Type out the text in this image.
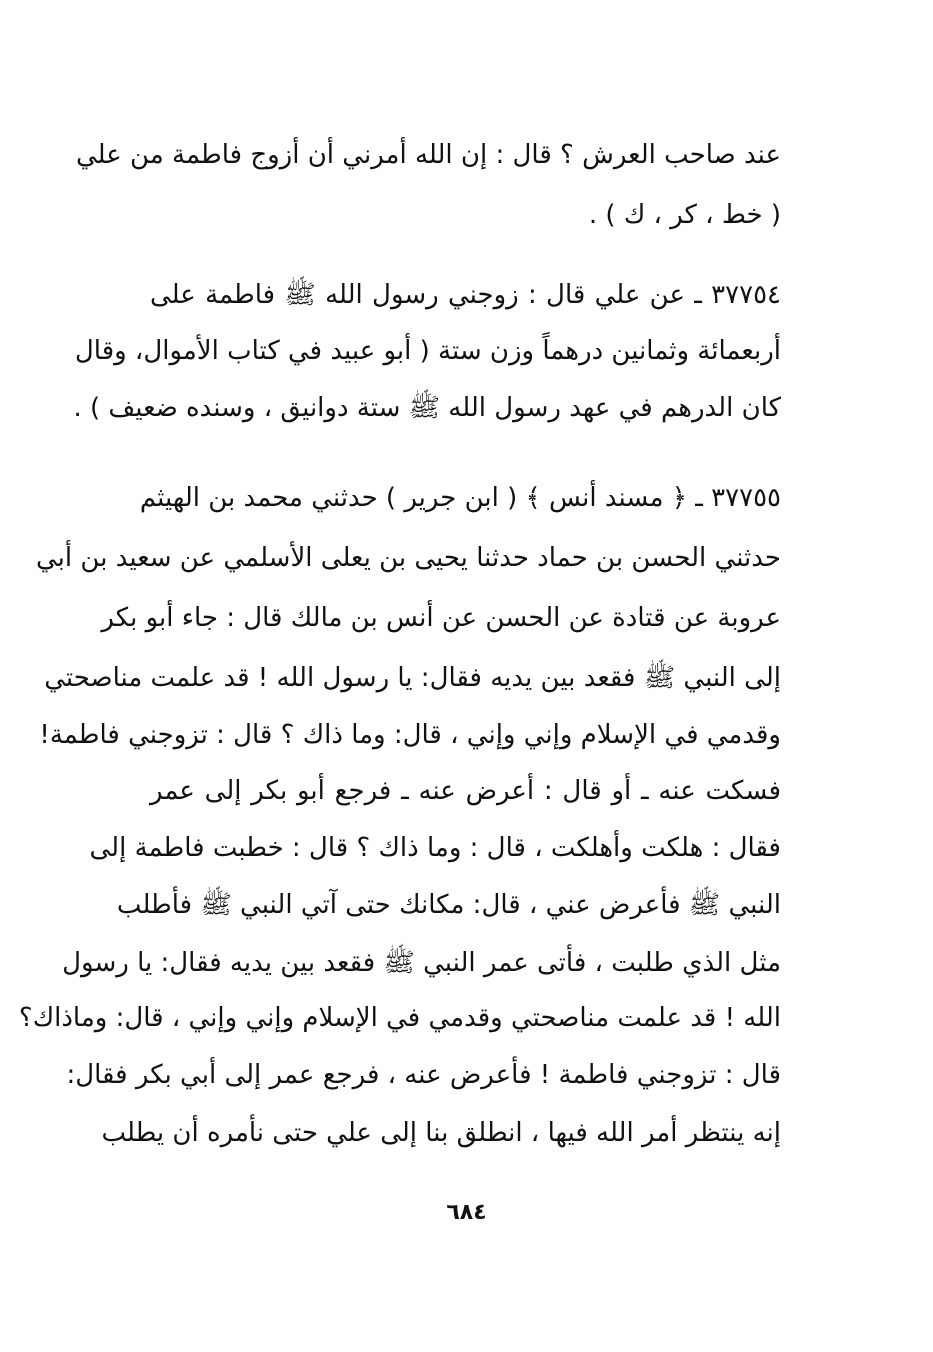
عند صاحب العرش ؟ قال : إن الله أمرني أن أزوج فاطمة من علي
( خط ، كر ، ك ) .
٣٧٧٥٤ ـ عن علي قال : زوجني رسول الله ﷺ فاطمة على
أربعمائة وثمانين درهماً وزن ستة ( أبو عبيد في كتاب الأموال، وقال
كان الدرهم في عهد رسول الله ﷺ ستة دوانيق ، وسنده ضعيف ) .
٣٧٧٥٥ ـ ﴿ مسند أنس ﴾ ( ابن جرير ) حدثني محمد بن الهيثم
حدثني الحسن بن حماد حدثنا يحيى بن يعلى الأسلمي عن سعيد بن أبي
عروبة عن قتادة عن الحسن عن أنس بن مالك قال : جاء أبو بكر
إلى النبي ﷺ فقعد بين يديه فقال: يا رسول الله ! قد علمت مناصحتي
وقدمي في الإسلام وإني وإني ، قال: وما ذاك ؟ قال : تزوجني فاطمة!
فسكت عنه ـ أو قال : أعرض عنه ـ فرجع أبو بكر إلى عمر
فقال : هلكت وأهلكت ، قال : وما ذاك ؟ قال : خطبت فاطمة إلى
النبي ﷺ فأعرض عني ، قال: مكانك حتى آتي النبي ﷺ فأطلب
مثل الذي طلبت ، فأتى عمر النبي ﷺ فقعد بين يديه فقال: يا رسول
الله ! قد علمت مناصحتي وقدمي في الإسلام وإني وإني ، قال: وماذاك؟
قال : تزوجني فاطمة ! فأعرض عنه ، فرجع عمر إلى أبي بكر فقال:
إنه ينتظر أمر الله فيها ، انطلق بنا إلى علي حتى نأمره أن يطلب
٦٨٤
